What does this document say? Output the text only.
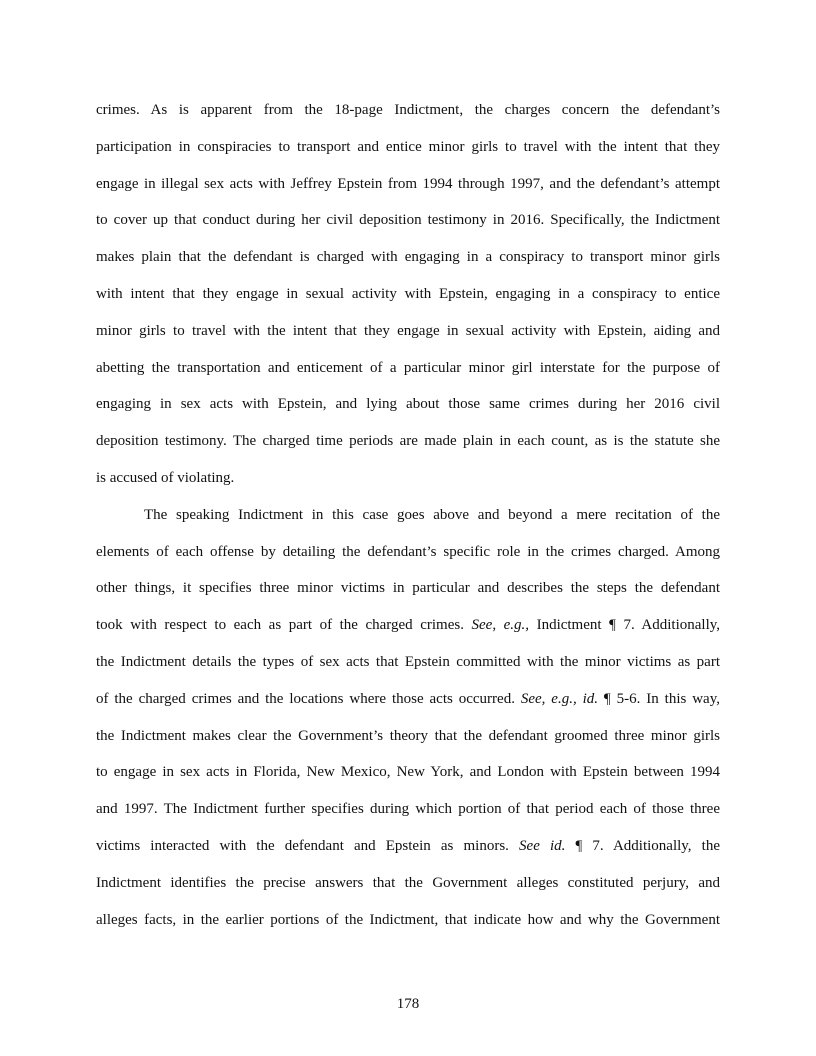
crimes. As is apparent from the 18-page Indictment, the charges concern the defendant’s
participation in conspiracies to transport and entice minor girls to travel with the intent that they
engage in illegal sex acts with Jeffrey Epstein from 1994 through 1997, and the defendant’s attempt
to cover up that conduct during her civil deposition testimony in 2016. Specifically, the Indictment
makes plain that the defendant is charged with engaging in a conspiracy to transport minor girls
with intent that they engage in sexual activity with Epstein, engaging in a conspiracy to entice
minor girls to travel with the intent that they engage in sexual activity with Epstein, aiding and
abetting the transportation and enticement of a particular minor girl interstate for the purpose of
engaging in sex acts with Epstein, and lying about those same crimes during her 2016 civil
deposition testimony. The charged time periods are made plain in each count, as is the statute she
is accused of violating.
The speaking Indictment in this case goes above and beyond a mere recitation of the
elements of each offense by detailing the defendant’s specific role in the crimes charged. Among
other things, it specifies three minor victims in particular and describes the steps the defendant
took with respect to each as part of the charged crimes. See, e.g., Indictment ¶ 7. Additionally,
the Indictment details the types of sex acts that Epstein committed with the minor victims as part
of the charged crimes and the locations where those acts occurred. See, e.g., id. ¶ 5-6. In this way,
the Indictment makes clear the Government’s theory that the defendant groomed three minor girls
to engage in sex acts in Florida, New Mexico, New York, and London with Epstein between 1994
and 1997. The Indictment further specifies during which portion of that period each of those three
victims interacted with the defendant and Epstein as minors. See id. ¶ 7. Additionally, the
Indictment identifies the precise answers that the Government alleges constituted perjury, and
alleges facts, in the earlier portions of the Indictment, that indicate how and why the Government
178
